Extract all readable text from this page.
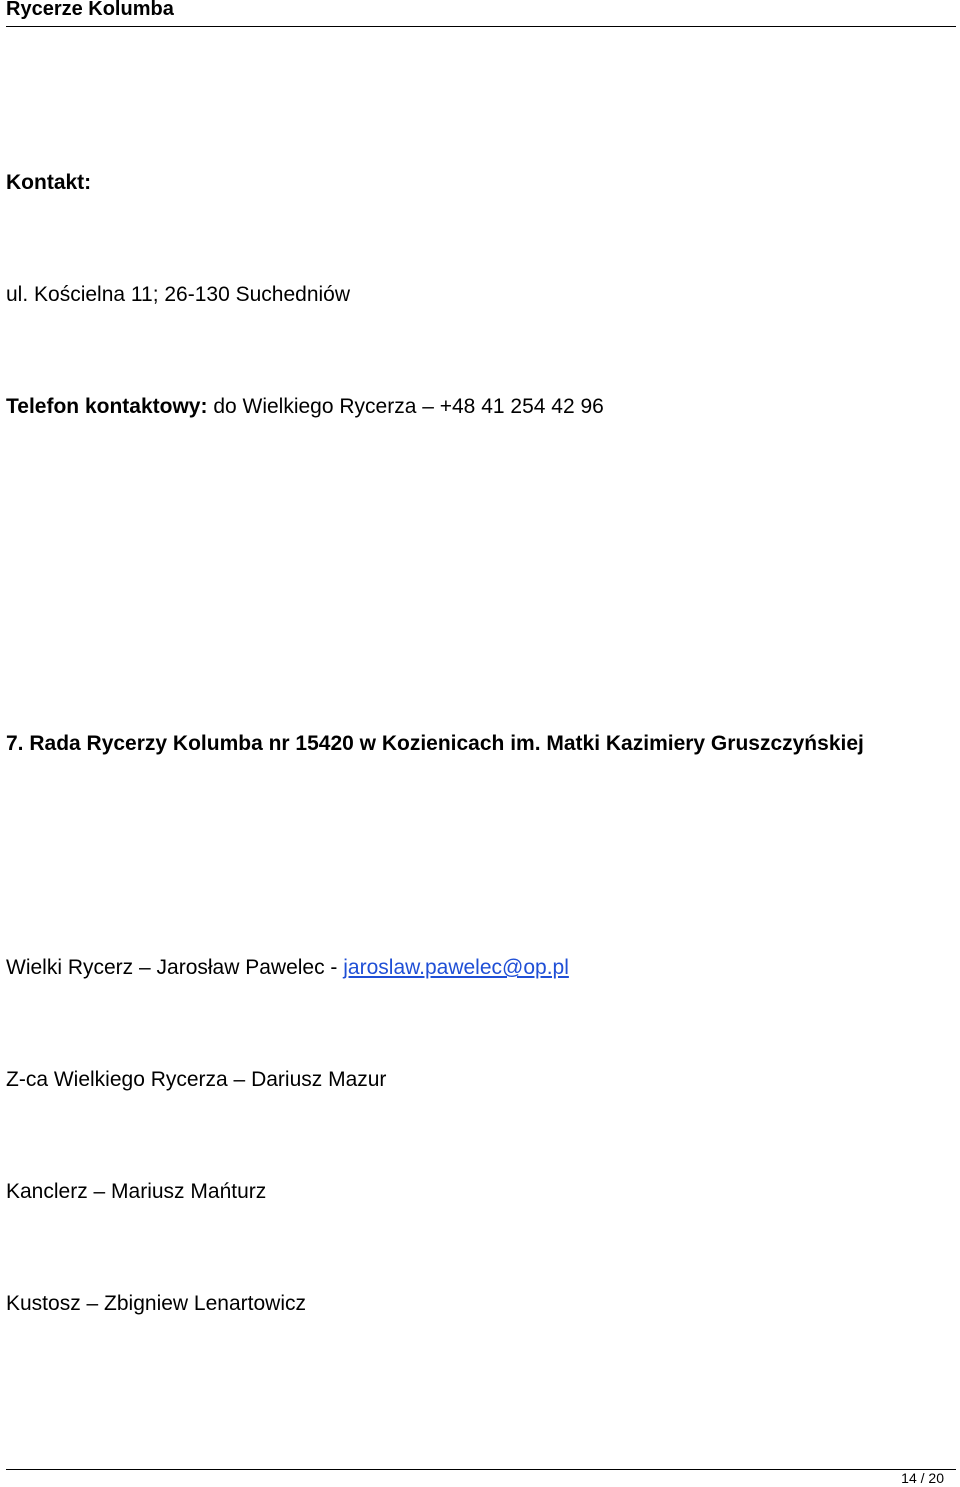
Rycerze Kolumba
Kontakt:
ul. Kościelna 11; 26-130 Suchedniów
Telefon kontaktowy: do Wielkiego Rycerza – +48 41 254 42 96
7. Rada Rycerzy Kolumba nr 15420 w Kozienicach im. Matki Kazimiery Gruszczyńskiej
Wielki Rycerz – Jarosław Pawelec - jaroslaw.pawelec@op.pl
Z-ca Wielkiego Rycerza – Dariusz Mazur
Kanclerz – Mariusz Mańturz
Kustosz – Zbigniew Lenartowicz
14 / 20
